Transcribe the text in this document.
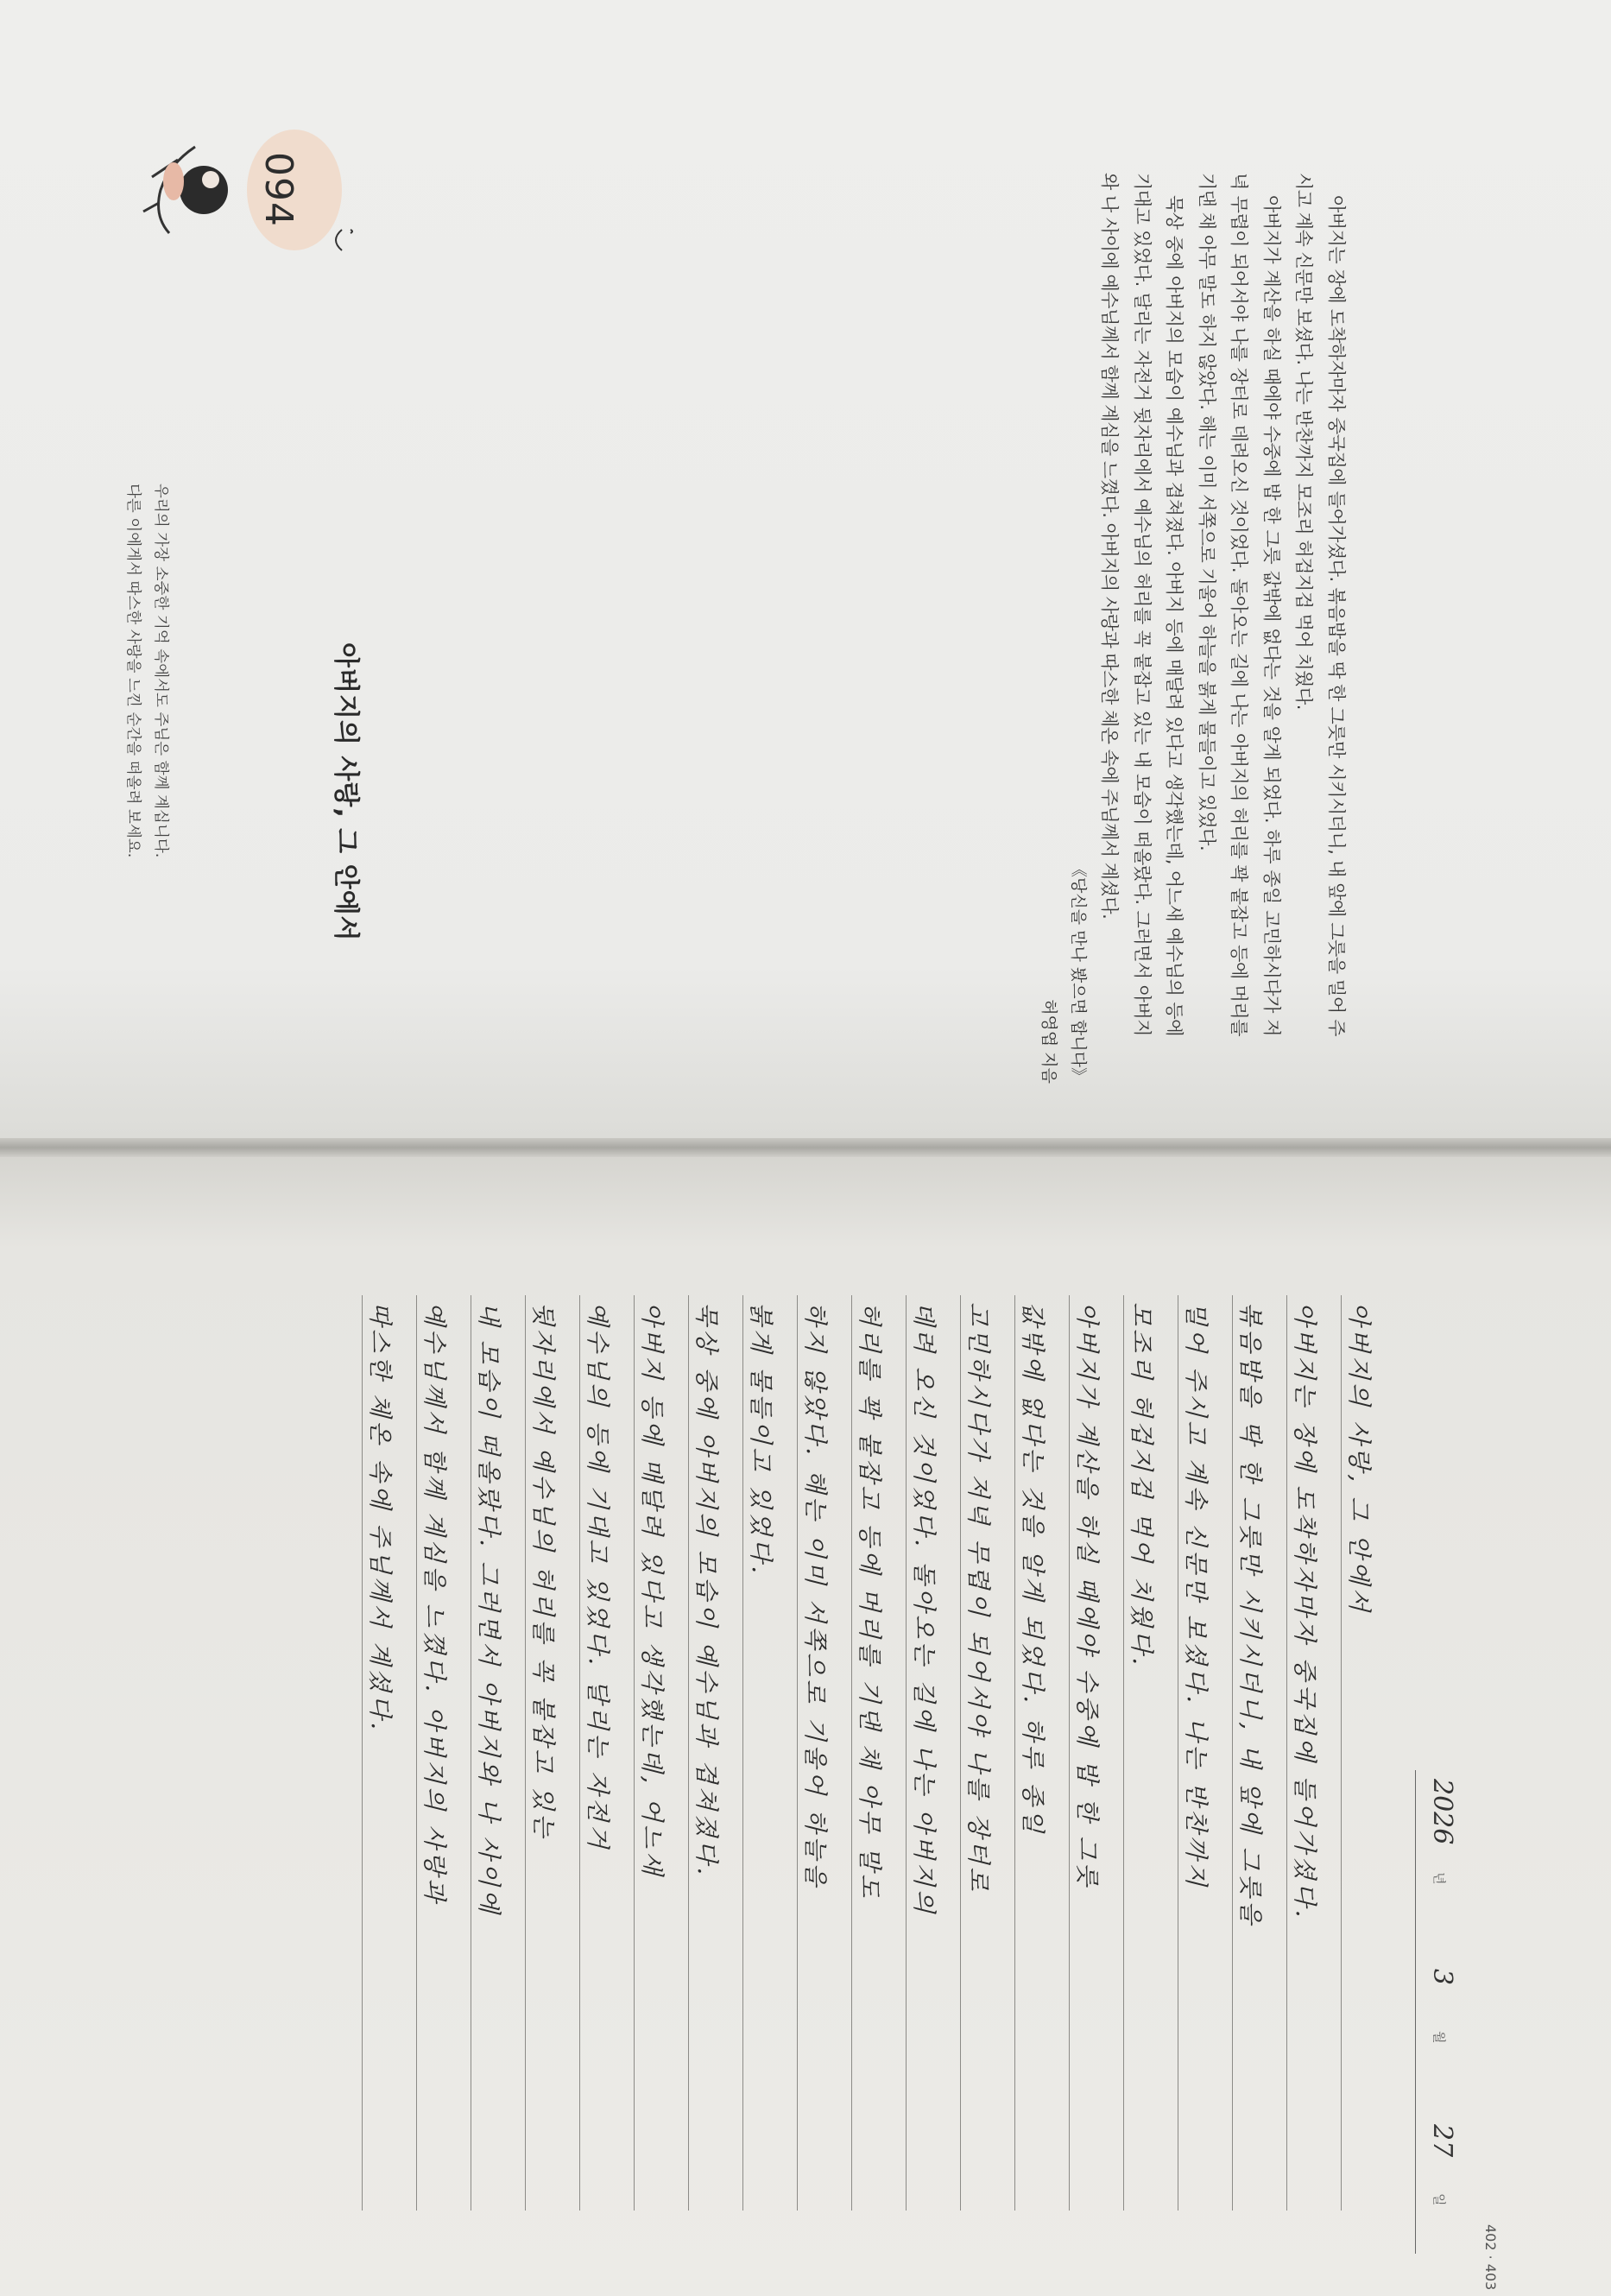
094
아버지의 사랑, 그 안에서	아버지는 장에 도착하자마자 중국집에 들어가셨다. 볶음밥을 딱 한 그릇만 시키시더니, 내 앞에 그릇을 밀어 주시고 계속 신문만 보셨다. 나는 반찬까지 모조리 허겁지겁 먹어 치웠다.

아버지가 계산을 하실 때에야 수중에 밥 한 그릇 값밖에 없다는 것을 알게 되었다. 하루 종일 고민하시다가 저녁 무렵이 되어서야 나를 장터로 데려오신 것이었다. 돌아오는 길에 나는 아버지의 허리를 꽉 붙잡고 등에 머리를 기댄 채 아무 말도 하지 않았다. 해는 이미 서쪽으로 기울어 하늘을 붉게 물들이고 있었다.

묵상 중에 아버지의 모습이 예수님과 겹쳐졌다. 아버지 등에 매달려 있다고 생각했는데, 어느새 예수님의 등에 기대고 있었다. 달리는 자전거 뒷자리에서 예수님의 허리를 꼭 붙잡고 있는 내 모습이 떠올랐다. 그러면서 아버지와 나 사이에 예수님께서 함께 계심을 느꼈다. 아버지의 사랑과 따스한 체온 속에 주님께서 계셨다.

《당신을 만나 봤으면 합니다》
허영엽 지음
우리의 가장 소중한 기억 속에서도 주님은 함께 계십니다.
다른 이에게서 따스한 사랑을 느낀 순간을 떠올려 보세요.
402 · 403
2026
년
3
월
27
일
아버지의 사랑, 그 안에서
아버지는 장에 도착하자마자 중국집에 들어가셨다.
볶음밥을 딱 한 그릇만 시키시더니, 내 앞에 그릇을
밀어 주시고 계속 신문만 보셨다. 나는 반찬까지
모조리 허겁지겁 먹어 치웠다.
아버지가 계산을 하실 때에야 수중에 밥 한 그릇
값밖에 없다는 것을 알게 되었다. 하루 종일
고민하시다가 저녁 무렵이 되어서야 나를 장터로
데려 오신 것이었다. 돌아오는 길에 나는 아버지의
허리를 꽉 붙잡고 등에 머리를 기댄 채 아무 말도
하지 않았다. 해는 이미 서쪽으로 기울어 하늘을
붉게 물들이고 있었다.
묵상 중에 아버지의 모습이 예수님과 겹쳐졌다.
아버지 등에 매달려 있다고 생각했는데, 어느새
예수님의 등에 기대고 있었다. 달리는 자전거
뒷자리에서 예수님의 허리를 꼭 붙잡고 있는
내 모습이 떠올랐다. 그러면서 아버지와 나 사이에
예수님께서 함께 계심을 느꼈다. 아버지의 사랑과
따스한 체온 속에 주님께서 계셨다.
